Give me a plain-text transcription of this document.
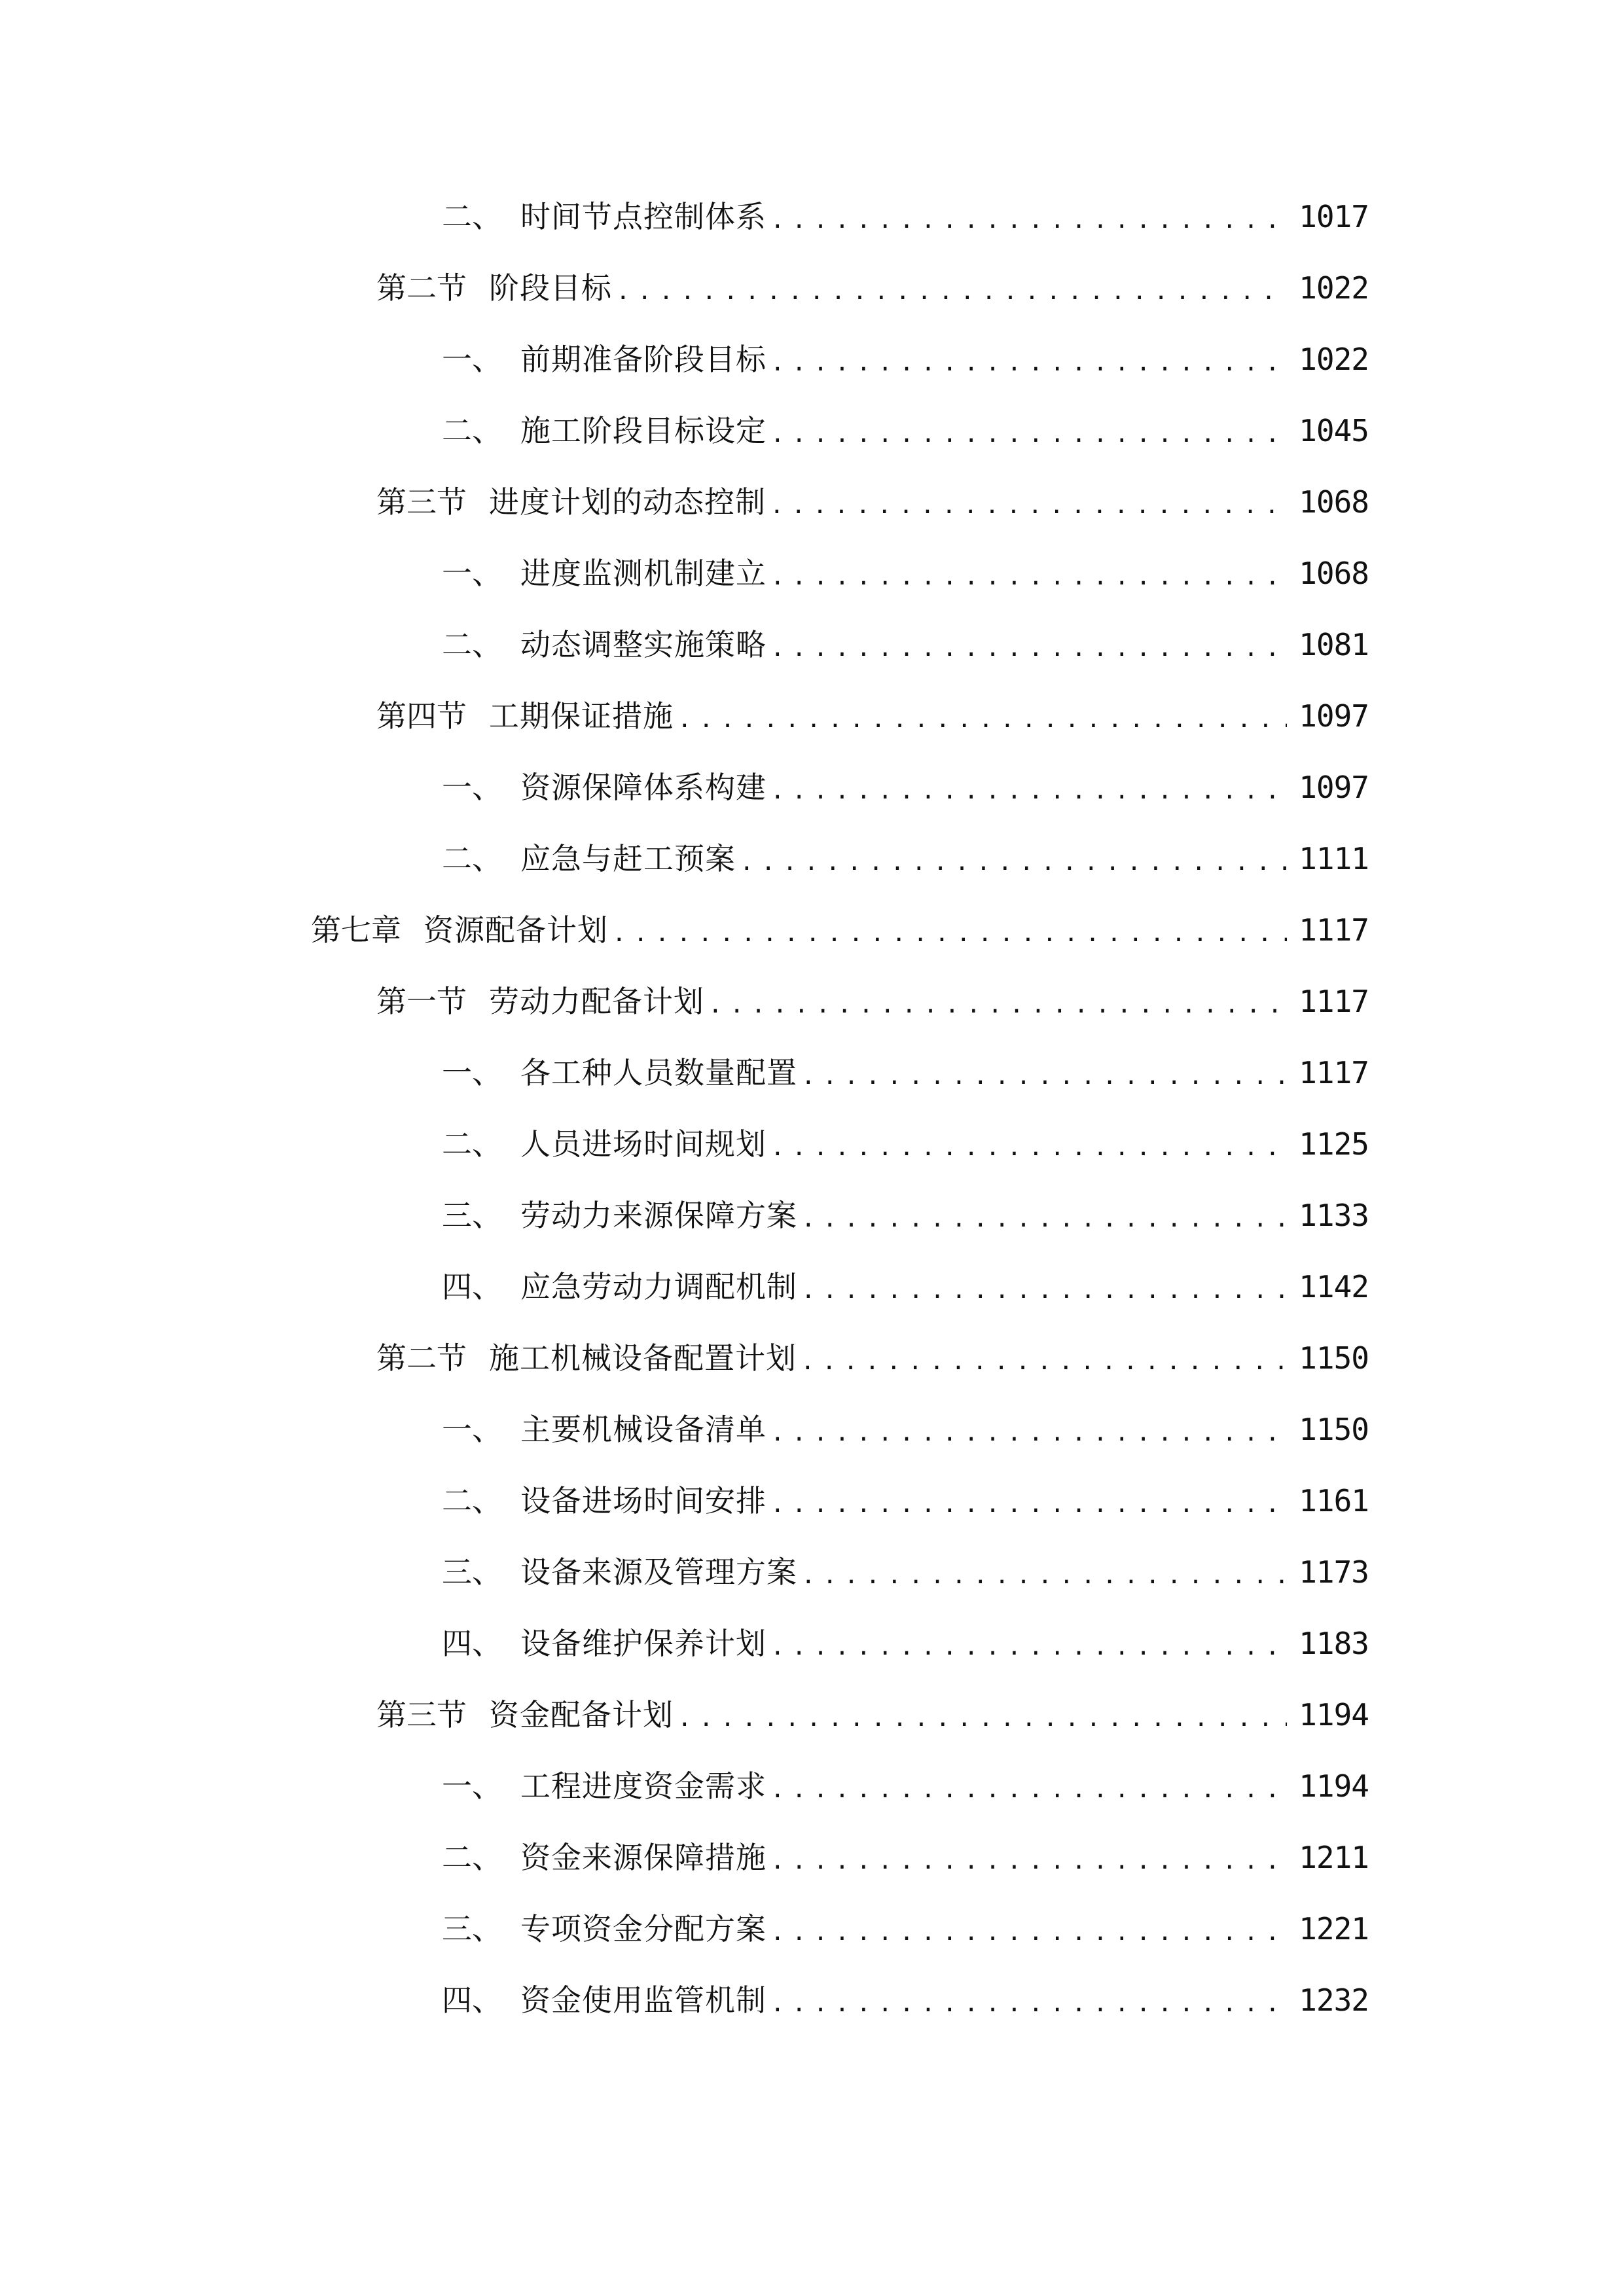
二、 时间节点控制体系 .....	1017
第二节 阶段目标 .....	1022
一、 前期准备阶段目标 .....	1022
二、 施工阶段目标设定 .....	1045
第三节 进度计划的动态控制 .....	1068
一、 进度监测机制建立 .....	1068
二、 动态调整实施策略 .....	1081
第四节 工期保证措施 .....	1097
一、 资源保障体系构建 .....	1097
二、 应急与赶工预案 .....	1111
第七章 资源配备计划 .....	1117
第一节 劳动力配备计划 .....	1117
一、 各工种人员数量配置 .....	1117
二、 人员进场时间规划 .....	1125
三、 劳动力来源保障方案 .....	1133
四、 应急劳动力调配机制 .....	1142
第二节 施工机械设备配置计划 .....	1150
一、 主要机械设备清单 .....	1150
二、 设备进场时间安排 .....	1161
三、 设备来源及管理方案 .....	1173
四、 设备维护保养计划 .....	1183
第三节 资金配备计划 .....	1194
一、 工程进度资金需求 .....	1194
二、 资金来源保障措施 .....	1211
三、 专项资金分配方案 .....	1221
四、 资金使用监管机制 .....	1232
